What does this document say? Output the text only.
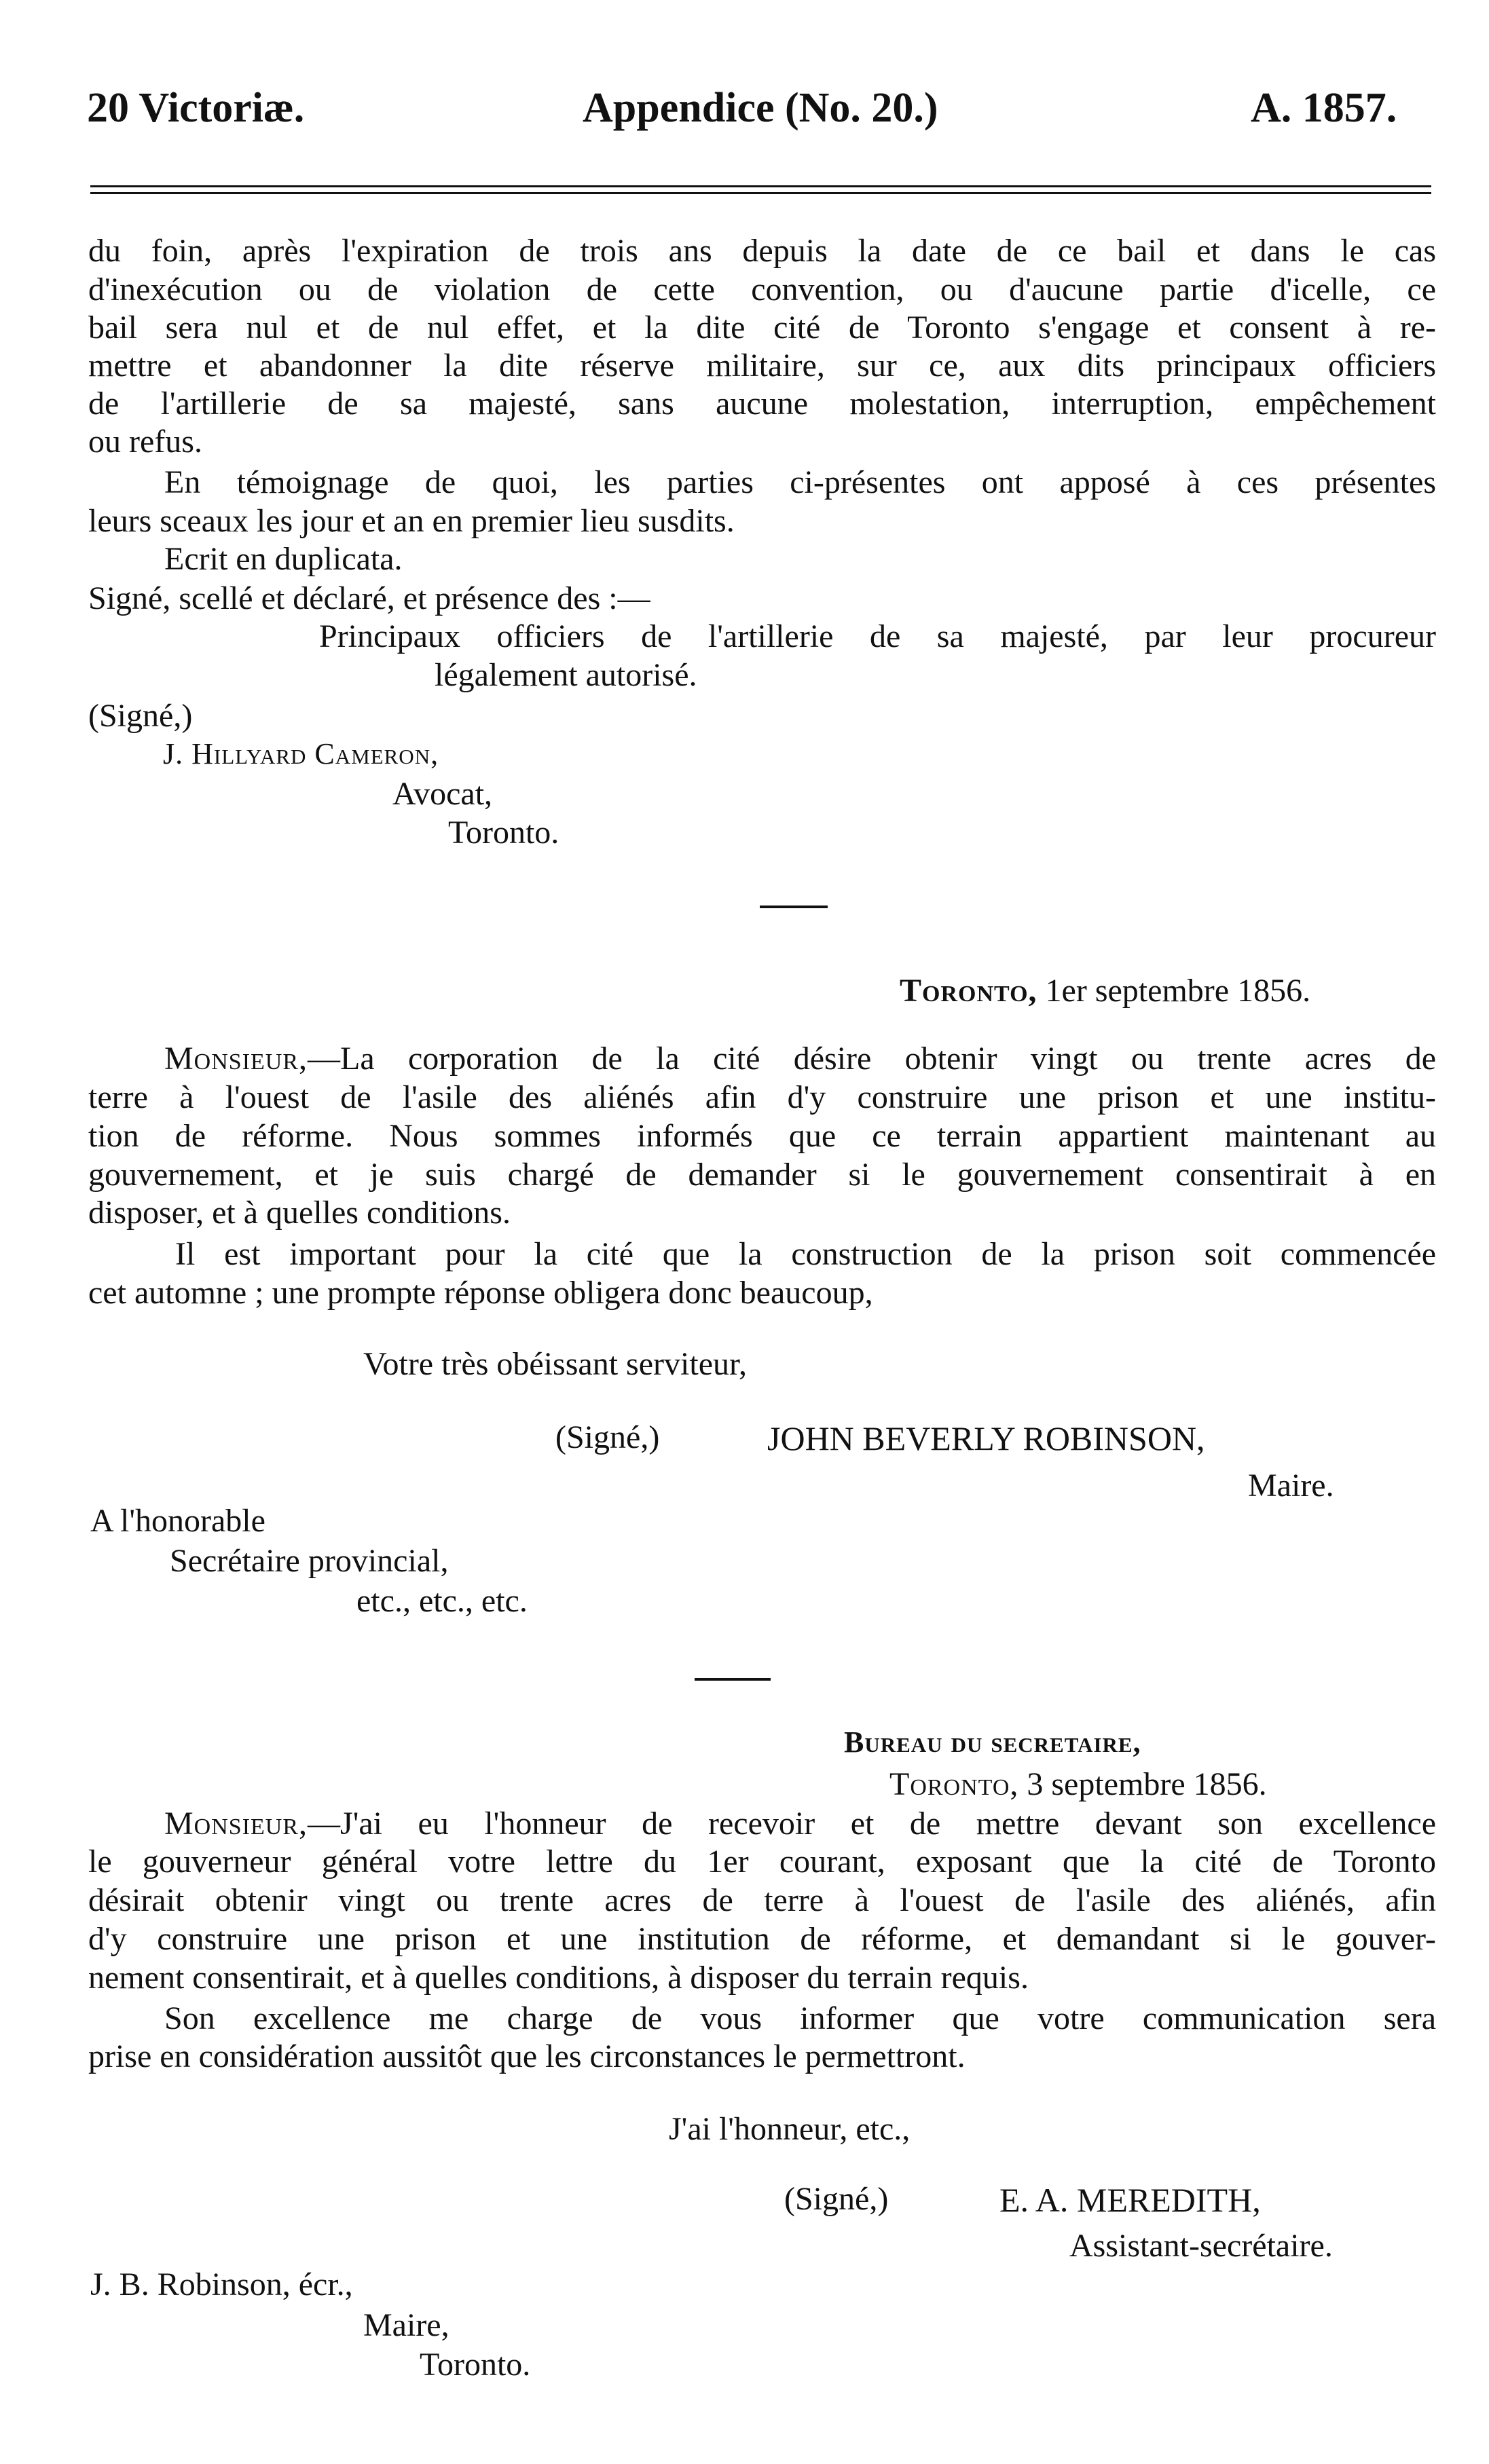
20 Victoriæ.	Appendice (No. 20.)	A. 1857.
du foin, après l'expiration de trois ans depuis la date de ce bail et dans le cas
d'inexécution ou de violation de cette convention, ou d'aucune partie d'icelle, ce
bail sera nul et de nul effet, et la dite cité de Toronto s'engage et consent à re-
mettre et abandonner la dite réserve militaire, sur ce, aux dits principaux officiers
de l'artillerie de sa majesté, sans aucune molestation, interruption, empêchement
ou refus.
En témoignage de quoi, les parties ci-présentes ont apposé à ces présentes
leurs sceaux les jour et an en premier lieu susdits.
Ecrit en duplicata.
Signé, scellé et déclaré, et présence des :—
Principaux officiers de l'artillerie de sa majesté, par leur procureur
légalement autorisé.
(Signé,)
J. Hillyard Cameron,
Avocat,
Toronto.
Toronto, 1er septembre 1856.
Monsieur,—La corporation de la cité désire obtenir vingt ou trente acres de
terre à l'ouest de l'asile des aliénés afin d'y construire une prison et une institu-
tion de réforme. Nous sommes informés que ce terrain appartient maintenant au
gouvernement, et je suis chargé de demander si le gouvernement consentirait à en
disposer, et à quelles conditions.
Il est important pour la cité que la construction de la prison soit commencée
cet automne ; une prompte réponse obligera donc beaucoup,
Votre très obéissant serviteur,
(Signé,)	JOHN BEVERLY ROBINSON,
Maire.
A l'honorable
Secrétaire provincial,
etc., etc., etc.
Bureau du secretaire,
Toronto, 3 septembre 1856.
Monsieur,—J'ai eu l'honneur de recevoir et de mettre devant son excellence
le gouverneur général votre lettre du 1er courant, exposant que la cité de Toronto
désirait obtenir vingt ou trente acres de terre à l'ouest de l'asile des aliénés, afin
d'y construire une prison et une institution de réforme, et demandant si le gouver-
nement consentirait, et à quelles conditions, à disposer du terrain requis.
Son excellence me charge de vous informer que votre communication sera
prise en considération aussitôt que les circonstances le permettront.
J'ai l'honneur, etc.,
(Signé,)	E. A. MEREDITH,
Assistant-secrétaire.
J. B. Robinson, écr.,
Maire,
Toronto.
